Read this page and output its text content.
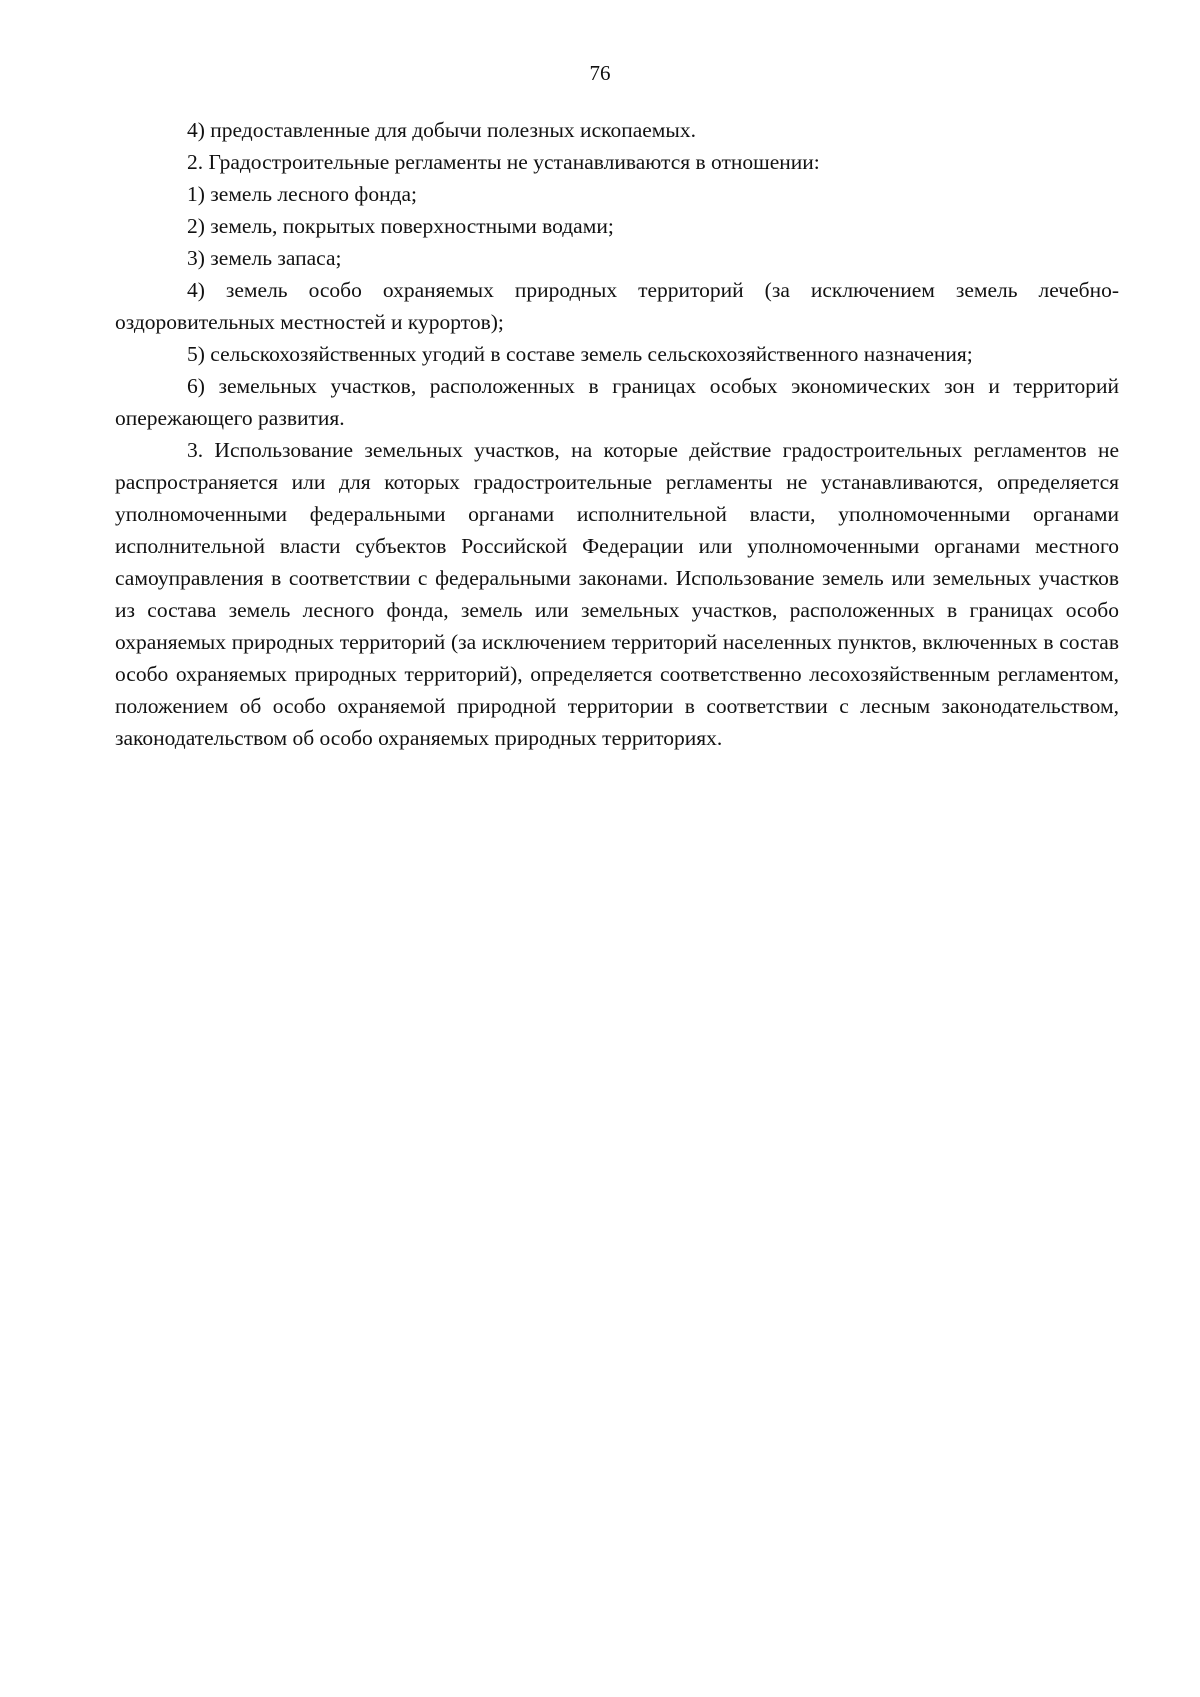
76

4) предоставленные для добычи полезных ископаемых.

2. Градостроительные регламенты не устанавливаются в отношении:

1) земель лесного фонда;

2) земель, покрытых поверхностными водами;

3) земель запаса;

4) земель особо охраняемых природных территорий (за исключением земель лечебно-оздоровительных местностей и курортов);

5) сельскохозяйственных угодий в составе земель сельскохозяйственного назначения;

6) земельных участков, расположенных в границах особых экономических зон и территорий опережающего развития.

3. Использование земельных участков, на которые действие градостроительных регламентов не распространяется или для которых градостроительные регламенты не устанавливаются, определяется уполномоченными федеральными органами исполнительной власти, уполномоченными органами исполнительной власти субъектов Российской Федерации или уполномоченными органами местного самоуправления в соответствии с федеральными законами. Использование земель или земельных участков из состава земель лесного фонда, земель или земельных участков, расположенных в границах особо охраняемых природных территорий (за исключением территорий населенных пунктов, включенных в состав особо охраняемых природных территорий), определяется соответственно лесохозяйственным регламентом, положением об особо охраняемой природной территории в соответствии с лесным законодательством, законодательством об особо охраняемых природных территориях.
